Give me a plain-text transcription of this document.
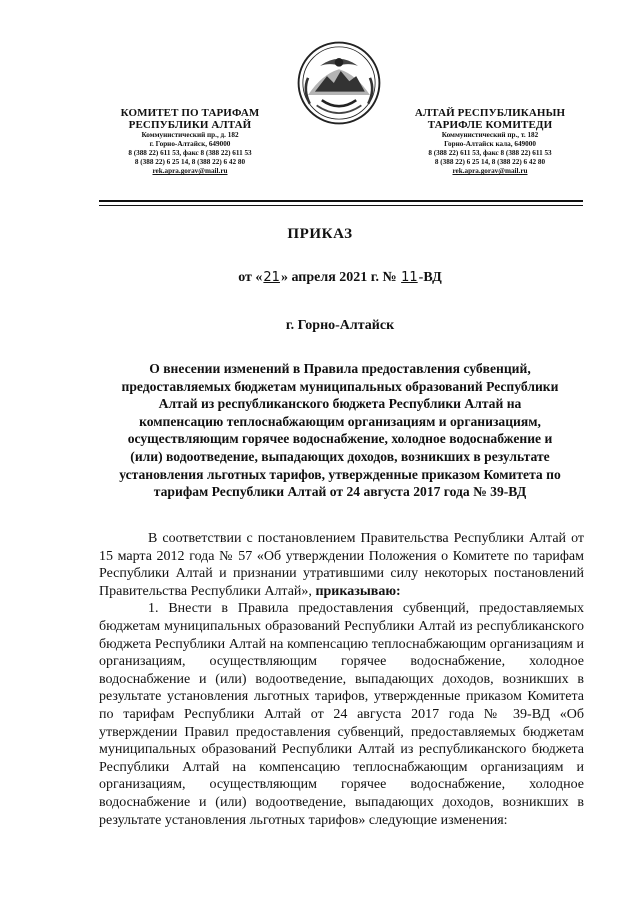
КОМИТЕТ ПО ТАРИФАМ
РЕСПУБЛИКИ АЛТАЙ
Коммунистический пр., д. 182
г. Горно-Алтайск, 649000
8 (388 22) 611 53, факс 8 (388 22) 611 53
8 (388 22) 6 25 14, 8 (388 22) 6 42 80
rek.apra.gorav@mail.ru
АЛТАЙ РЕСПУБЛИКАНЫН
ТАРИФЛЕ КОМИТЕДИ
Коммунистический пр., т. 182
Горно-Алтайск кала, 649000
8 (388 22) 611 53, факс 8 (388 22) 611 53
8 (388 22) 6 25 14, 8 (388 22) 6 42 80
rek.apra.gorav@mail.ru
ПРИКАЗ
от «21» апреля 2021 г. № 11-ВД
г. Горно-Алтайск
О внесении изменений в Правила предоставления субвенций,
предоставляемых бюджетам муниципальных образований Республики
Алтай из республиканского бюджета Республики Алтай на
компенсацию теплоснабжающим организациям и организациям,
осуществляющим горячее водоснабжение, холодное водоснабжение и
(или) водоотведение, выпадающих доходов, возникших в результате
установления льготных тарифов, утвержденные приказом Комитета по
тарифам Республики Алтай от 24 августа 2017 года № 39-ВД

В соответствии с постановлением Правительства Республики Алтай от 15 марта 2012 года № 57 «Об утверждении Положения о Комитете по тарифам Республики Алтай и признании утратившими силу некоторых постановлений Правительства Республики Алтай», приказываю:

1. Внести в Правила предоставления субвенций, предоставляемых бюджетам муниципальных образований Республики Алтай из республиканского бюджета Республики Алтай на компенсацию теплоснабжающим организациям и организациям, осуществляющим горячее водоснабжение, холодное водоснабжение и (или) водоотведение, выпадающих доходов, возникших в результате установления льготных тарифов, утвержденные приказом Комитета по тарифам Республики Алтай от 24 августа 2017 года № 39-ВД «Об утверждении Правил предоставления субвенций, предоставляемых бюджетам муниципальных образований Республики Алтай из республиканского бюджета Республики Алтай на компенсацию теплоснабжающим организациям и организациям, осуществляющим горячее водоснабжение, холодное водоснабжение и (или) водоотведение, выпадающих доходов, возникших в результате установления льготных тарифов» следующие изменения:
